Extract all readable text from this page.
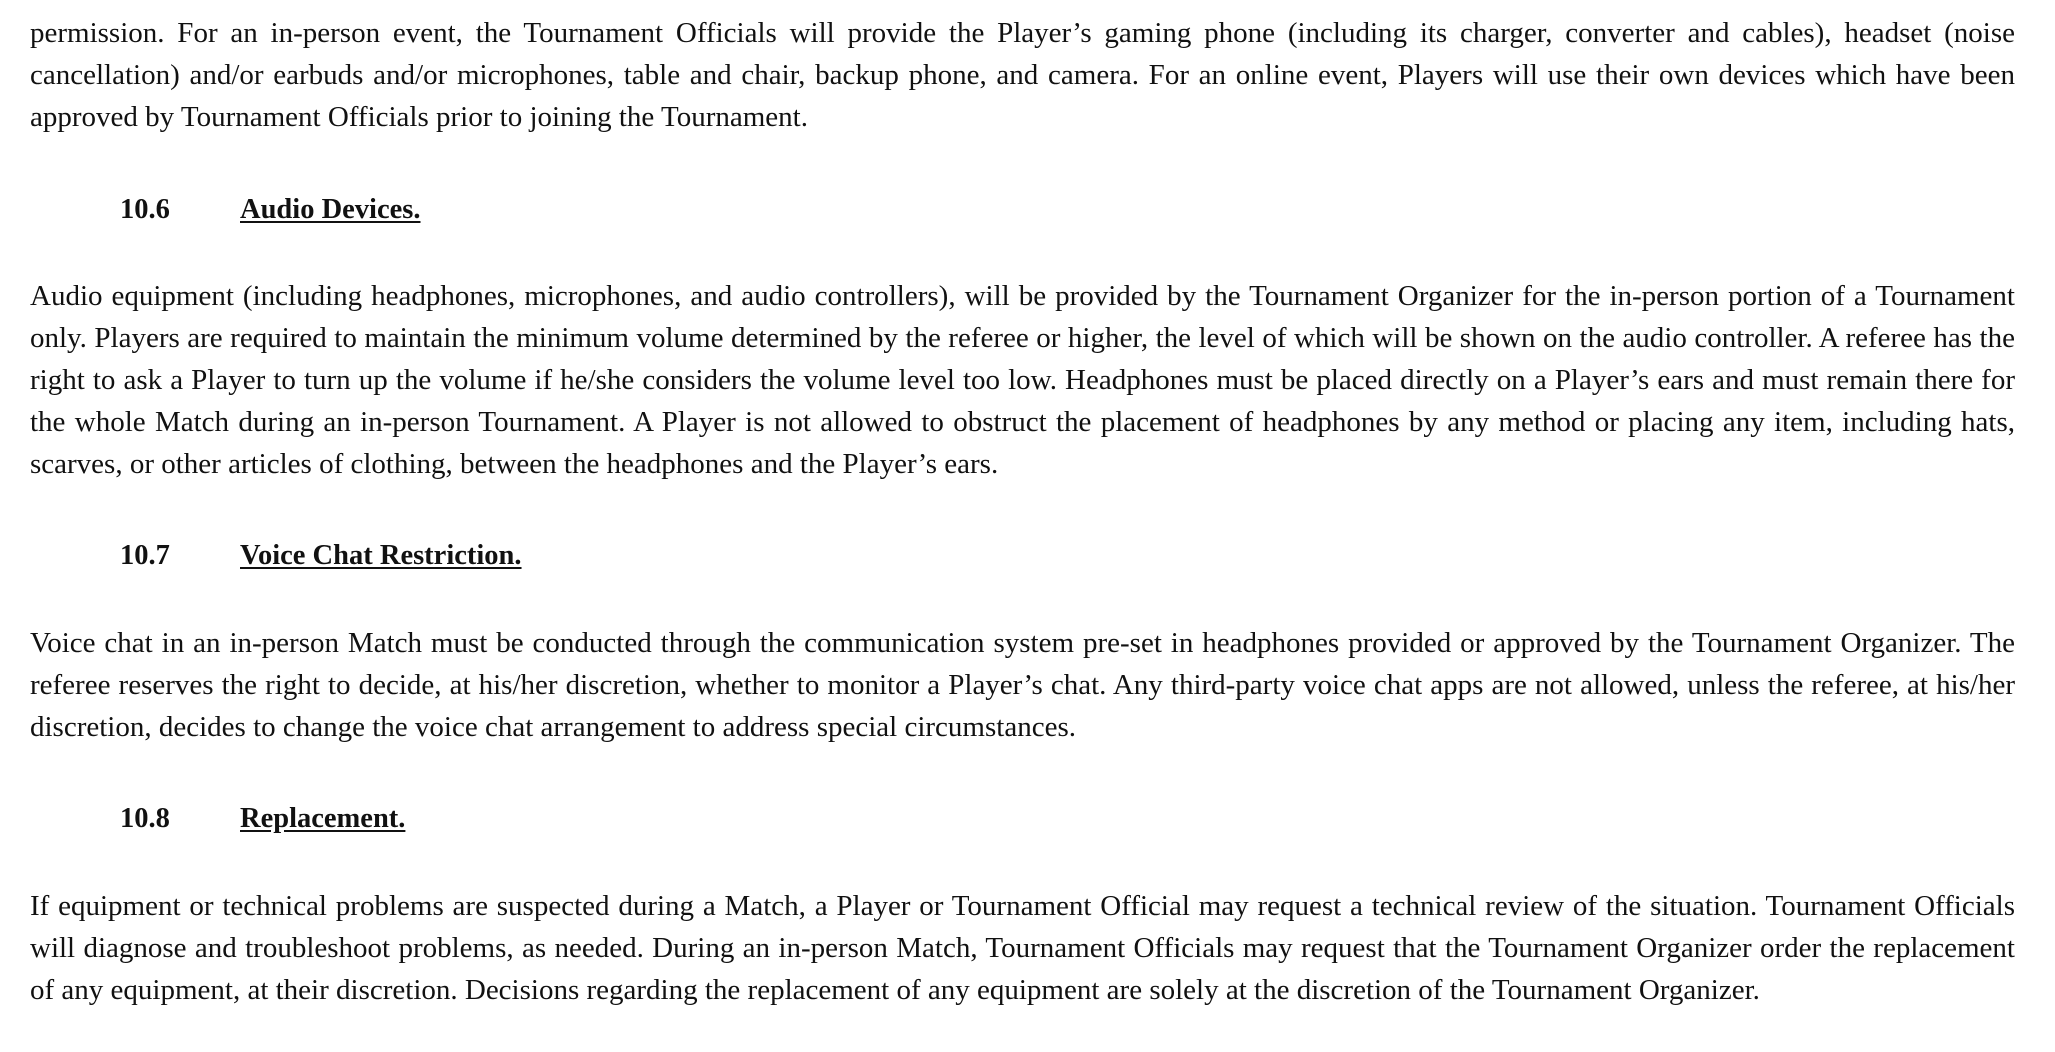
permission. For an in-person event, the Tournament Officials will provide the Player’s gaming phone (including its charger, converter and cables), headset (noise cancellation) and/or earbuds and/or microphones, table and chair, backup phone, and camera. For an online event, Players will use their own devices which have been approved by Tournament Officials prior to joining the Tournament.

10.6	Audio Devices.

Audio equipment (including headphones, microphones, and audio controllers), will be provided by the Tournament Organizer for the in-person portion of a Tournament only. Players are required to maintain the minimum volume determined by the referee or higher, the level of which will be shown on the audio controller. A referee has the right to ask a Player to turn up the volume if he/she considers the volume level too low. Headphones must be placed directly on a Player’s ears and must remain there for the whole Match during an in-person Tournament. A Player is not allowed to obstruct the placement of headphones by any method or placing any item, including hats, scarves, or other articles of clothing, between the headphones and the Player’s ears.

10.7	Voice Chat Restriction.

Voice chat in an in-person Match must be conducted through the communication system pre-set in headphones provided or approved by the Tournament Organizer. The referee reserves the right to decide, at his/her discretion, whether to monitor a Player’s chat. Any third-party voice chat apps are not allowed, unless the referee, at his/her discretion, decides to change the voice chat arrangement to address special circumstances.

10.8	Replacement.

If equipment or technical problems are suspected during a Match, a Player or Tournament Official may request a technical review of the situation. Tournament Officials will diagnose and troubleshoot problems, as needed. During an in-person Match, Tournament Officials may request that the Tournament Organizer order the replacement of any equipment, at their discretion. Decisions regarding the replacement of any equipment are solely at the discretion of the Tournament Organizer.
